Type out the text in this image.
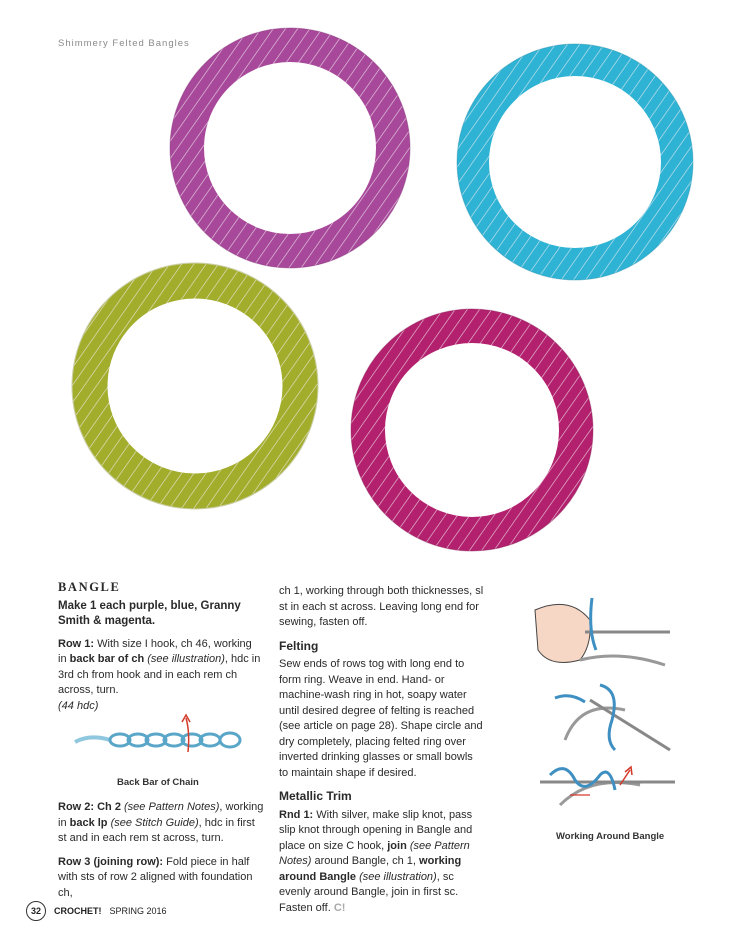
Shimmery Felted Bangles
BANGLE
Make 1 each purple, blue, Granny Smith & magenta.

Row 1: With size I hook, ch 46, working in back bar of ch (see illustration), hdc in 3rd ch from hook and in each rem ch across, turn.
(44 hdc)

Back Bar of Chain

Row 2: Ch 2 (see Pattern Notes), working in back lp (see Stitch Guide), hdc in first st and in each rem st across, turn.

Row 3 (joining row): Fold piece in half with sts of row 2 aligned with foundation ch,

ch 1, working through both thicknesses, sl st in each st across. Leaving long end for sewing, fasten off.

Felting

Sew ends of rows tog with long end to form ring. Weave in end. Hand- or machine-wash ring in hot, soapy water until desired degree of felting is reached (see article on page 28). Shape circle and dry completely, placing felted ring over inverted drinking glasses or small bowls to maintain shape if desired.

Metallic Trim

Rnd 1: With silver, make slip knot, pass slip knot through opening in Bangle and place on size C hook, join (see Pattern Notes) around Bangle, ch 1, working around Bangle (see illustration), sc evenly around Bangle, join in first sc. Fasten off. C!

Working Around Bangle
32	CROCHET! SPRING 2016
